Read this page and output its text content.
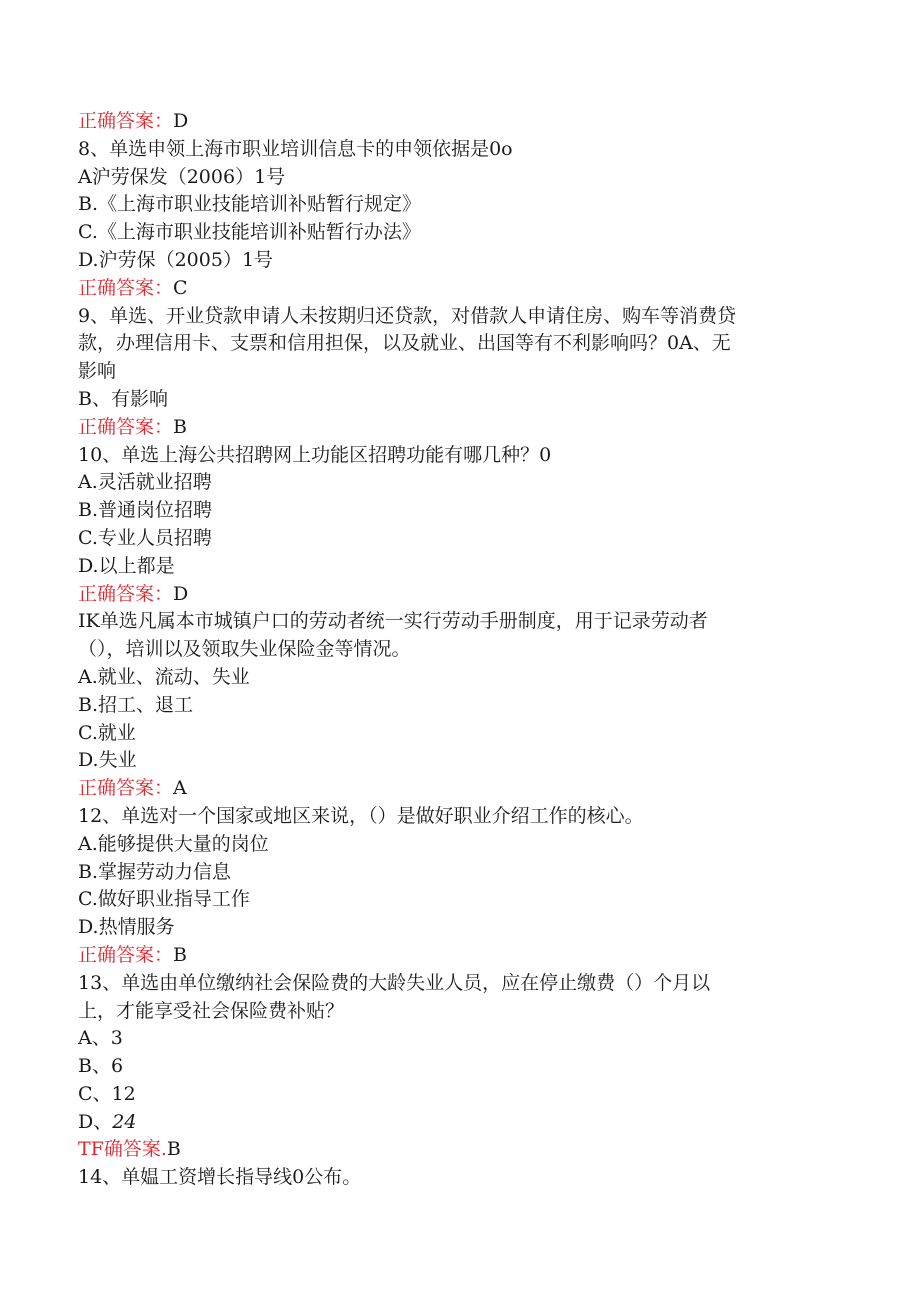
正确答案：D

8、单选申领上海市职业培训信息卡的申领依据是0o

A沪劳保发（2006）1号

B.《上海市职业技能培训补贴暂行规定》

C.《上海市职业技能培训补贴暂行办法》

D.沪劳保（2005）1号

正确答案：C

9、单选、开业贷款申请人未按期归还贷款，对借款人申请住房、购车等消费贷

款，办理信用卡、支票和信用担保，以及就业、出国等有不利影响吗？0A、无

影响

B、有影响

正确答案：B

10、单选上海公共招聘网上功能区招聘功能有哪几种？0

A.灵活就业招聘

B.普通岗位招聘

C.专业人员招聘

D.以上都是

正确答案：D

IK单选凡属本市城镇户口的劳动者统一实行劳动手册制度，用于记录劳动者

（），培训以及领取失业保险金等情况。

A.就业、流动、失业

B.招工、退工

C.就业

D.失业

正确答案：A

12、单选对一个国家或地区来说，（）是做好职业介绍工作的核心。

A.能够提供大量的岗位

B.掌握劳动力信息

C.做好职业指导工作

D.热情服务

正确答案：B

13、单选由单位缴纳社会保险费的大龄失业人员，应在停止缴费（）个月以

上，才能享受社会保险费补贴？

A、3

B、6

C、12

D、24

TF确答案.B

14、单媪工资增长指导线0公布。
